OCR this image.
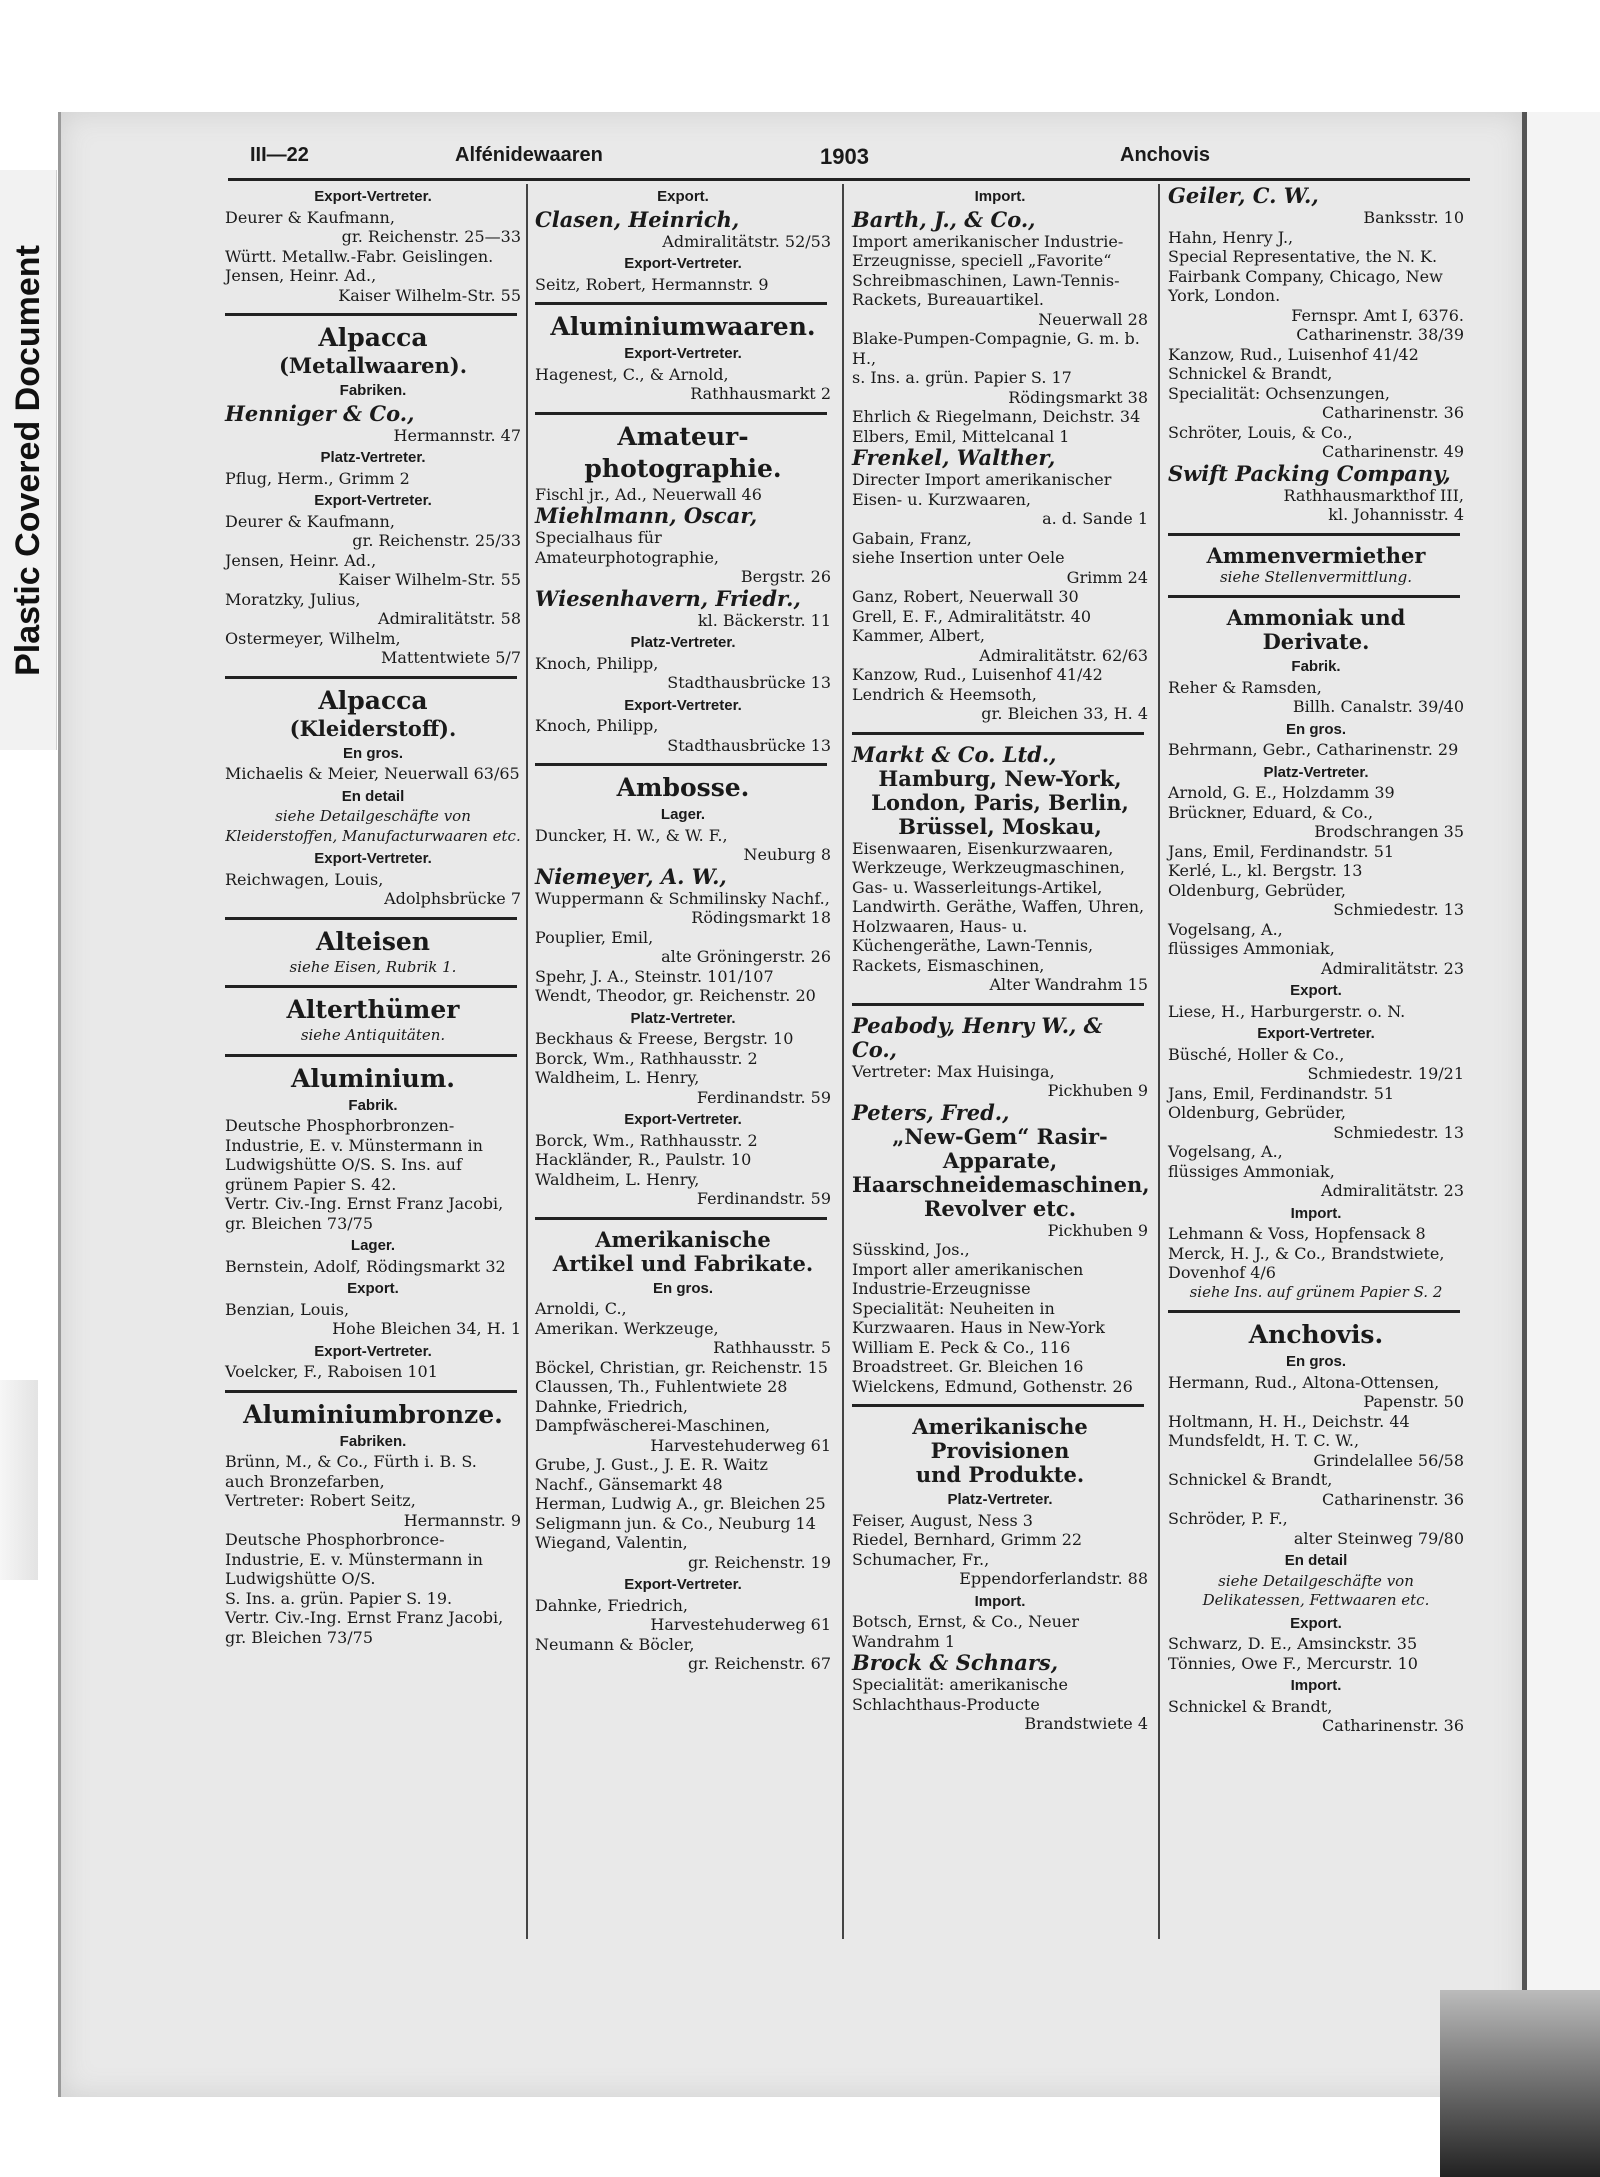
Plastic Covered Document
III—22	Alfénidewaaren	1903	Anchovis
Export-Vertreter.
Deurer & Kaufmann,
gr. Reichenstr. 25—33
Württ. Metallw.-Fabr. Geislingen.
Jensen, Heinr. Ad.,
Kaiser Wilhelm-Str. 55
Alpacca
(Metallwaaren).
Fabriken.
Henniger & Co.,
Hermannstr. 47
Platz-Vertreter.
Pflug, Herm., Grimm 2
Export-Vertreter.
Deurer & Kaufmann,
gr. Reichenstr. 25/33
Jensen, Heinr. Ad.,
Kaiser Wilhelm-Str. 55
Moratzky, Julius,
Admiralitätstr. 58
Ostermeyer, Wilhelm,
Mattentwiete 5/7
Alpacca
(Kleiderstoff).
En gros.
Michaelis & Meier, Neuerwall 63/65
En detail
siehe Detailgeschäfte von Kleiderstoffen, Manufacturwaaren etc.
Export-Vertreter.
Reichwagen, Louis,
Adolphsbrücke 7
Alteisen
siehe Eisen, Rubrik 1.
Alterthümer
siehe Antiquitäten.
Aluminium.
Fabrik.
Deutsche Phosphorbronzen-Industrie, E. v. Münstermann in Ludwigshütte O/S. S. Ins. auf grünem Papier S. 42.
Vertr. Civ.-Ing. Ernst Franz Jacobi, gr. Bleichen 73/75
Lager.
Bernstein, Adolf, Rödingsmarkt 32
Export.
Benzian, Louis,
Hohe Bleichen 34, H. 1
Export-Vertreter.
Voelcker, F., Raboisen 101
Aluminiumbronze.
Fabriken.
Brünn, M., & Co., Fürth i. B. S. auch Bronzefarben,
Vertreter: Robert Seitz,
Hermannstr. 9
Deutsche Phosphorbronce-Industrie, E. v. Münstermann in Ludwigshütte O/S.
S. Ins. a. grün. Papier S. 19.
Vertr. Civ.-Ing. Ernst Franz Jacobi, gr. Bleichen 73/75
Export.
Clasen, Heinrich,
Admiralitätstr. 52/53
Export-Vertreter.
Seitz, Robert, Hermannstr. 9
Aluminiumwaaren.
Export-Vertreter.
Hagenest, C., & Arnold,
Rathhausmarkt 2
Amateur-
photographie.
Fischl jr., Ad., Neuerwall 46
Miehlmann, Oscar,
Specialhaus für Amateurphotographie,
Bergstr. 26
Wiesenhavern, Friedr.,
kl. Bäckerstr. 11
Platz-Vertreter.
Knoch, Philipp,
Stadthausbrücke 13
Export-Vertreter.
Knoch, Philipp,
Stadthausbrücke 13
Ambosse.
Lager.
Duncker, H. W., & W. F.,
Neuburg 8
Niemeyer, A. W.,
Wuppermann & Schmilinsky Nachf.,
Rödingsmarkt 18
Pouplier, Emil,
alte Gröningerstr. 26
Spehr, J. A., Steinstr. 101/107
Wendt, Theodor, gr. Reichenstr. 20
Platz-Vertreter.
Beckhaus & Freese, Bergstr. 10
Borck, Wm., Rathhausstr. 2
Waldheim, L. Henry,
Ferdinandstr. 59
Export-Vertreter.
Borck, Wm., Rathhausstr. 2
Hackländer, R., Paulstr. 10
Waldheim, L. Henry,
Ferdinandstr. 59
Amerikanische
Artikel und Fabrikate.
En gros.
Arnoldi, C.,
Amerikan. Werkzeuge,
Rathhausstr. 5
Böckel, Christian, gr. Reichenstr. 15
Claussen, Th., Fuhlentwiete 28
Dahnke, Friedrich,
Dampfwäscherei-Maschinen,
Harvestehuderweg 61
Grube, J. Gust., J. E. R. Waitz Nachf., Gänsemarkt 48
Herman, Ludwig A., gr. Bleichen 25
Seligmann jun. & Co., Neuburg 14
Wiegand, Valentin,
gr. Reichenstr. 19
Export-Vertreter.
Dahnke, Friedrich,
Harvestehuderweg 61
Neumann & Böcler,
gr. Reichenstr. 67
Import.
Barth, J., & Co.,
Import amerikanischer Industrie-Erzeugnisse, speciell „Favorite“ Schreibmaschinen, Lawn-Tennis-Rackets, Bureauartikel.
Neuerwall 28
Blake-Pumpen-Compagnie, G. m. b. H.,
s. Ins. a. grün. Papier S. 17
Rödingsmarkt 38
Ehrlich & Riegelmann, Deichstr. 34
Elbers, Emil, Mittelcanal 1
Frenkel, Walther,
Directer Import amerikanischer Eisen- u. Kurzwaaren,
a. d. Sande 1
Gabain, Franz,
siehe Insertion unter Oele
Grimm 24
Ganz, Robert, Neuerwall 30
Grell, E. F., Admiralitätstr. 40
Kammer, Albert,
Admiralitätstr. 62/63
Kanzow, Rud., Luisenhof 41/42
Lendrich & Heemsoth,
gr. Bleichen 33, H. 4
Markt & Co. Ltd.,
Hamburg, New-York, London, Paris, Berlin, Brüssel, Moskau,
Eisenwaaren, Eisenkurzwaaren, Werkzeuge, Werkzeugmaschinen, Gas- u. Wasserleitungs-Artikel, Landwirth. Geräthe, Waffen, Uhren, Holzwaaren, Haus- u. Küchengeräthe, Lawn-Tennis, Rackets, Eismaschinen,
Alter Wandrahm 15
Peabody, Henry W., & Co.,
Vertreter: Max Huisinga,
Pickhuben 9
Peters, Fred.,
„New-Gem“ Rasir-Apparate, Haarschneidemaschinen, Revolver etc.
Pickhuben 9
Süsskind, Jos.,
Import aller amerikanischen Industrie-Erzeugnisse
Specialität: Neuheiten in Kurzwaaren. Haus in New-York William E. Peck & Co., 116 Broadstreet. Gr. Bleichen 16
Wielckens, Edmund, Gothenstr. 26
Amerikanische
Provisionen
und Produkte.
Platz-Vertreter.
Feiser, August, Ness 3
Riedel, Bernhard, Grimm 22
Schumacher, Fr.,
Eppendorferlandstr. 88
Import.
Botsch, Ernst, & Co., Neuer Wandrahm 1
Brock & Schnars,
Specialität: amerikanische Schlachthaus-Producte
Brandstwiete 4
Geiler, C. W.,
Banksstr. 10
Hahn, Henry J.,
Special Representative, the N. K. Fairbank Company, Chicago, New York, London.
Fernspr. Amt I, 6376.
Catharinenstr. 38/39
Kanzow, Rud., Luisenhof 41/42
Schnickel & Brandt,
Specialität: Ochsenzungen,
Catharinenstr. 36
Schröter, Louis, & Co.,
Catharinenstr. 49
Swift Packing Company,
Rathhausmarkthof III,
kl. Johannisstr. 4
Ammenvermiether
siehe Stellenvermittlung.
Ammoniak und
Derivate.
Fabrik.
Reher & Ramsden,
Billh. Canalstr. 39/40
En gros.
Behrmann, Gebr., Catharinenstr. 29
Platz-Vertreter.
Arnold, G. E., Holzdamm 39
Brückner, Eduard, & Co.,
Brodschrangen 35
Jans, Emil, Ferdinandstr. 51
Kerlé, L., kl. Bergstr. 13
Oldenburg, Gebrüder,
Schmiedestr. 13
Vogelsang, A.,
flüssiges Ammoniak,
Admiralitätstr. 23
Export.
Liese, H., Harburgerstr. o. N.
Export-Vertreter.
Büsché, Holler & Co.,
Schmiedestr. 19/21
Jans, Emil, Ferdinandstr. 51
Oldenburg, Gebrüder,
Schmiedestr. 13
Vogelsang, A.,
flüssiges Ammoniak,
Admiralitätstr. 23
Import.
Lehmann & Voss, Hopfensack 8
Merck, H. J., & Co., Brandstwiete, Dovenhof 4/6
siehe Ins. auf grünem Papier S. 2
Anchovis.
En gros.
Hermann, Rud., Altona-Ottensen,
Papenstr. 50
Holtmann, H. H., Deichstr. 44
Mundsfeldt, H. T. C. W.,
Grindelallee 56/58
Schnickel & Brandt,
Catharinenstr. 36
Schröder, P. F.,
alter Steinweg 79/80
En detail
siehe Detailgeschäfte von Delikatessen, Fettwaaren etc.
Export.
Schwarz, D. E., Amsinckstr. 35
Tönnies, Owe F., Mercurstr. 10
Import.
Schnickel & Brandt,
Catharinenstr. 36
